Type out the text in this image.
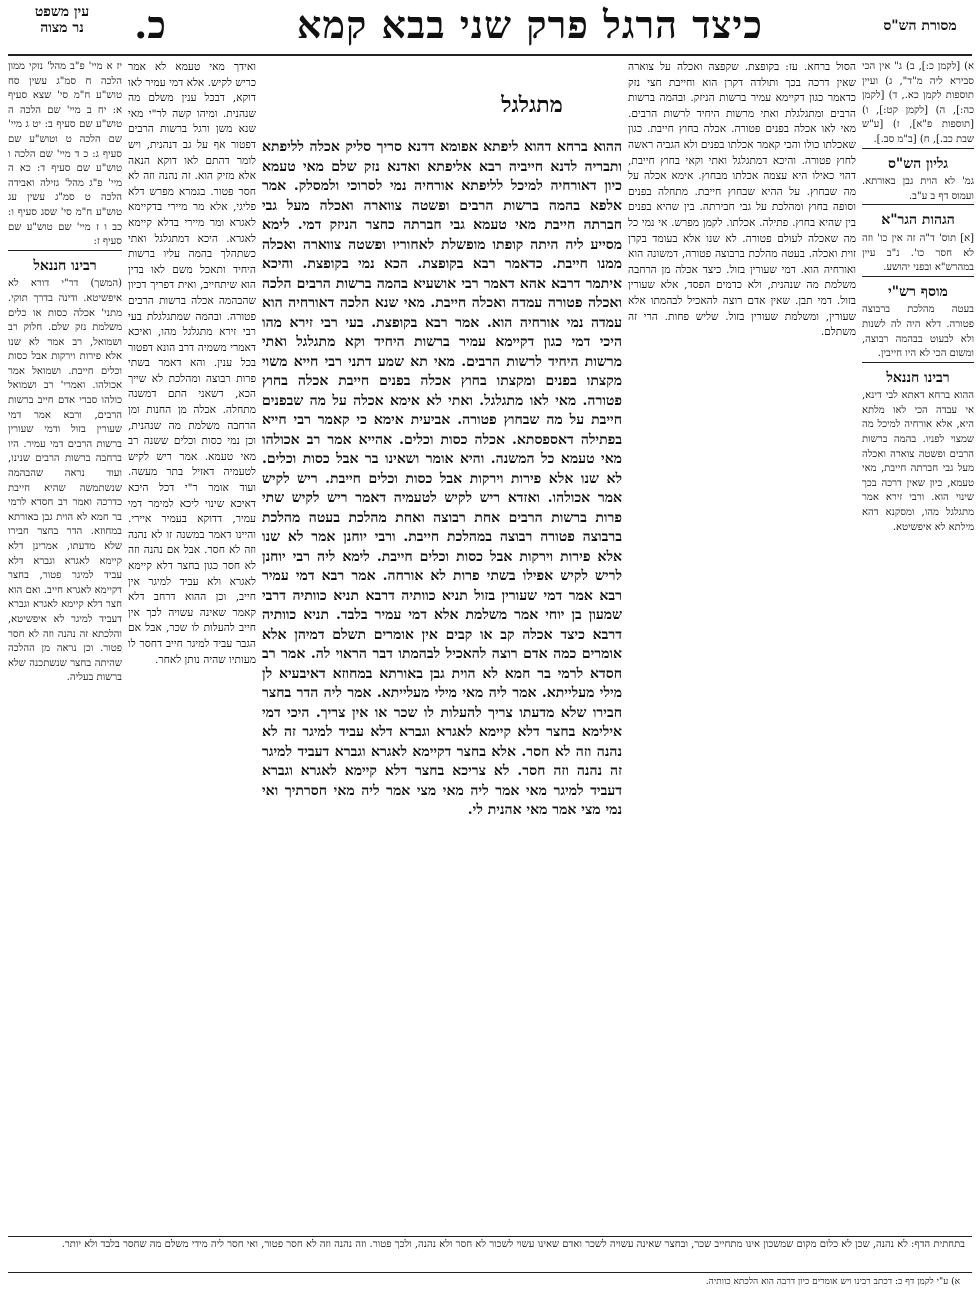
עין משפט
נר מצוה	כ.	כיצד הרגל פרק שני בבא קמא	מסורת הש"ס

א) [לקמן כ:], ב) ג" אין הכי סבירא ליה מ"ד", ג) ועיין תוספות לקמן כא., ד) [לקמן כה:], ה) [לקמן קט:], ו) [תוספות פ"א], ז) [ע"ש שבת כב.], ח) [ב"מ סב.].

גליון הש"ס

גמ' לא הוית גבן באורתא. ועמוס דף ב ע"ב.

הגהות הגר"א

[א] תוס' ד"ה זה אין כו' וזה לא חסר כו'. נ"ב עיין במהרש"א ובפני יהושע.

מוסף רש"י

בעטה מהלכת ברבוצה פטורה. דלא היה לה לשנות ולא לבעוט בבהמה רבוצה, ומשום הכי לא היו חייבין.

רבינו חננאל

ההוא ברחא דאתא לבי דינא, אי עבדה הכי לאו מלתא היא, אלא אורחיה למיכל מה שמצוי לפניו. בהמה ברשות הרבים ופשטה צוארה ואכלה מעל גבי חברתה חייבת, מאי טעמא, כיון שאין דרכה בכך שינוי הוא. ורבי זירא אמר מתגלגל מהו, ומסקנא דהא מילתא לא איפשיטא.

הסול ברחא. עז: בקופצת. שקפצה ואכלה על צוארה שאין דרכה בכך ותולדה דקרן הוא וחייבת חצי נזק כדאמר כגון דקיימא עמיר ברשות הניזק. ובהמה ברשות הרבים ומתגלגלת ואתי מרשות היחיד לרשות הרבים. מאי לאו אכלה בפנים פטורה. אכלה בחוץ חייבת. כגון שאכלתו כולו והכי קאמר אכלתו בפנים ולא הגביה ראשה לחוץ פטורה. והיכא דמתגלגל ואתי וקאי בחוץ חייבת, דהוי כאילו היא עצמה אכלתו מבחוץ. אימא אכלה על מה שבחוץ. על ההיא שבחוץ חייבת. מתחלה בפנים וסופה בחוץ ומהלכת על גבי חבירתה. בין שהיא בפנים בין שהיא בחוץ. פתילה. אכלתו. לקמן מפרש. אי נמי כל מה שאכלה לעולם פטורה. לא שנו אלא בעומד בקרן זוית ואכלה. בעטה מהלכת ברבוצה פטורה, דמשונה הוא ואורחיה הוא. דמי שעורין בזול. כיצד אכלה מן הרחבה משלמת מה שנהנית, ולא כדמים הפסד, אלא שעורין בזול. דמי תבן. שאין אדם רוצה להאכיל לבהמתו אלא שעורין, ומשלמת שעורין בזול. שליש פחות. הרי זה משתלם.

ההוא ברחא דהוא ליפתא אפומא דדנא סריך סליק אכלה לליפתא ותבריה לדנא חייביה רבא אליפתא ואדנא נזק שלם מאי טעמא כיון דאורחיה למיכל לליפתא אורחיה נמי לסרוכי ולמסלק. אמר אלפא בהמה ברשות הרבים ופשטה צווארה ואכלה מעל גבי חברתה חייבת מאי טעמא גבי חברתה כחצר הניזק דמי. לימא מסייע ליה היתה קופתו מופשלת לאחוריו ופשטה צווארה ואכלה ממנו חייבת. כדאמר רבא בקופצת. הכא נמי בקופצת. והיכא איתמר דרבא אהא דאמר רבי אושעיא בהמה ברשות הרבים הלכה ואכלה פטורה עמדה ואכלה חייבת. מאי שנא הלכה דאורחיה הוא עמדה נמי אורחיה הוא. אמר רבא בקופצת. בעי רבי זירא מהו היכי דמי כגון דקיימא עמיר ברשות היחיד וקא מתגלגל ואתי מרשות היחיד לרשות הרבים. מאי תא שמע דתני רבי חייא משוי מקצתו בפנים ומקצתו בחוץ אכלה בפנים חייבת אכלה בחוץ פטורה. מאי לאו מתגלגל. ואתי לא אימא אכלה על מה שבפנים חייבת על מה שבחוץ פטורה. אביעית אימא כי קאמר רבי חייא בפתילה דאספסתא. אכלה כסות וכלים. אהייא אמר רב אכולהו מאי טעמא כל המשנה. והיא אומר ושאינו בר אבל כסות וכלים. לא שנו אלא פירות וירקות אבל כסות וכלים חייבת. ריש לקיש אמר אכולהו. ואזדא ריש לקיש לטעמיה דאמר ריש לקיש שתי פרות ברשות הרבים אחת רבוצה ואחת מהלכת בעטה מהלכת ברבוצה פטורה רבוצה במהלכת חייבת. ורבי יוחנן אמר לא שנו אלא פירות וירקות אבל כסות וכלים חייבת. לימא ליה רבי יוחנן לריש לקיש אפילו בשתי פרות לא אורחה. אמר רבא דמי עמיר רבא אמר דמי שעורין בזול תניא כוותיה דרבא תניא כוותיה דרבי שמעון בן יוחי אמר משלמת אלא דמי עמיר בלבד. תניא כוותיה דרבא כיצד אכלה קב או קבים אין אומרים תשלם דמיהן אלא אומרים כמה אדם רוצה להאכיל לבהמתו דבר הראוי לה. אמר רב חסדא לרמי בר חמא לא הוית גבן באורתא במחוזא דאיבעיא לן מילי מעלייתא. אמר ליה מאי מילי מעלייתא. אמר ליה הדר בחצר חבירו שלא מדעתו צריך להעלות לו שכר או אין צריך. היכי דמי אילימא בחצר דלא קיימא לאגרא וגברא דלא עביד למיגר זה לא נהנה וזה לא חסר. אלא בחצר דקיימא לאגרא וגברא דעביד למיגר זה נהנה וזה חסר. לא צריכא בחצר דלא קיימא לאגרא וגברא דעביד למיגר מאי אמר ליה מאי מצי אמר ליה מאי חסרתיך ואי נמי מצי אמר מאי אהנית לי.

מתגלגל

ואידך מאי טעמא לא אמר כריש לקיש. אלא דמי עמיר לאו דוקא, דבכל ענין משלם מה שנהנית. ומיהו קשה לר"י מאי שנא משן ורגל ברשות הרבים דפטור אף על גב דנהנית, ויש לומר דהתם לאו דוקא הנאה אלא מזיק הוא. זה נהנה וזה לא חסר פטור. בגמרא מפרש דלא פליגי, אלא מר מיירי בדקיימא לאגרא ומר מיירי בדלא קיימא לאגרא. היכא דמתגלגל ואתי כשתהלך בהמה עליו ברשות היחיד ותאכל משם לאו בדין הוא שיתחייב, ואית דפריך דכיון שהבהמה אכלה ברשות הרבים פטורה. ובהמה שמתגלגלת בעי רבי זירא מתגלגל מהו, ואיכא דאמרי משמיה דרב הונא דפטור בכל ענין. והא דאמר בשתי פרות רבוצה ומהלכת לא שייך הכא, דשאני התם דמשנה מתחלה. אכלה מן החנות ומן הרחבה משלמת מה שנהנית, וכן נמי כסות וכלים ששנה רב מאי טעמא. אמר ריש לקיש לטעמיה דאזיל בתר מעשה. ועוד אומר ר"י דכל היכא דאיכא שינוי ליכא למימר דמי עמיר, דדוקא בעמיר איירי. והיינו דאמר במשנה זו לא נהנה וזה לא חסר. אבל אם נהנה וזה לא חסר כגון בחצר דלא קיימא לאגרא ולא עביד למיגר אין חייב, וכן ההוא דרחב דלא קאמר שאינה עשויה לכך אין חייב להעלות לו שכר, אבל אם הגבר עביד למיגר חייב דחסר לו מעותיו שהיה נותן לאחר.

יז א מיי' פ"ב מהל' נזקי ממון הלכה ח סמ"ג עשין סח טוש"ע ח"מ סי' שצא סעיף א: יח ב מיי' שם הלכה ה טוש"ע שם סעיף ב: יט ג מיי' שם הלכה ט וטוש"ע שם סעיף ג: כ ד מיי' שם הלכה ו טוש"ע שם סעיף ד: כא ה מיי' פ"ג מהל' גזילה ואבידה הלכה ט סמ"ג עשין עג טוש"ע ח"מ סי' שסג סעיף ו: כב ו ז מיי' שם טוש"ע שם סעיף ז:

רבינו חננאל

(המשך) דר"י דורא לא איפשיטא. ודינה בדרך תוקי. מתני' אכלה כסות או כלים משלמת נזק שלם. חלוק רב ושמואל, רב אמר לא שנו אלא פירות וירקות אבל כסות וכלים חייבת. ושמואל אמר אכולהו. ואמרי' רב ושמואל כולהו סברי אדם חייב ברשות הרבים, ורבא אמר דמי שעורין בזול ודמי שעורין ברשות הרבים דמי עמיר. היו ברחבה ברשות הרבים שנינו, ועוד נראה שהבהמה שנשתמשה שהיא חייבת כדרכה ואמר רב חסדא לרמי בר חמא לא הוית גבן באורתא במחוזא. הדר בחצר חבירו שלא מדעתו, אמרינן דלא קיימא לאגרא וגברא דלא עביד למיגר פטור, בחצר דקיימא לאגרא חייב. ואם הוא חצר דלא קיימא לאגרא וגברא דעביד למיגר לא איפשיטא, והלכתא זה נהנה וזה לא חסר פטור. וכן נראה מן ההלכה שהיתה בחצר שנשתכנה שלא ברשות בעליה.

בתחתית הדף: לא נהנה, שכן לא כלום מקום שמשכון אינו מתחייב שכר, ובחצר שאינה עשויה לשכר ואדם שאינו עשוי לשכור לא חסר ולא נהנה, ולכך פטור. וזה נהנה וזה לא חסר פטור, ואי חסר ליה מידי משלם מה שחסר בלבד ולא יותר.
א) ע"י לקמן דף כ: דכתב רבינו ויש אומרים כיון דרבה הוא הלכתא כוותיה.
